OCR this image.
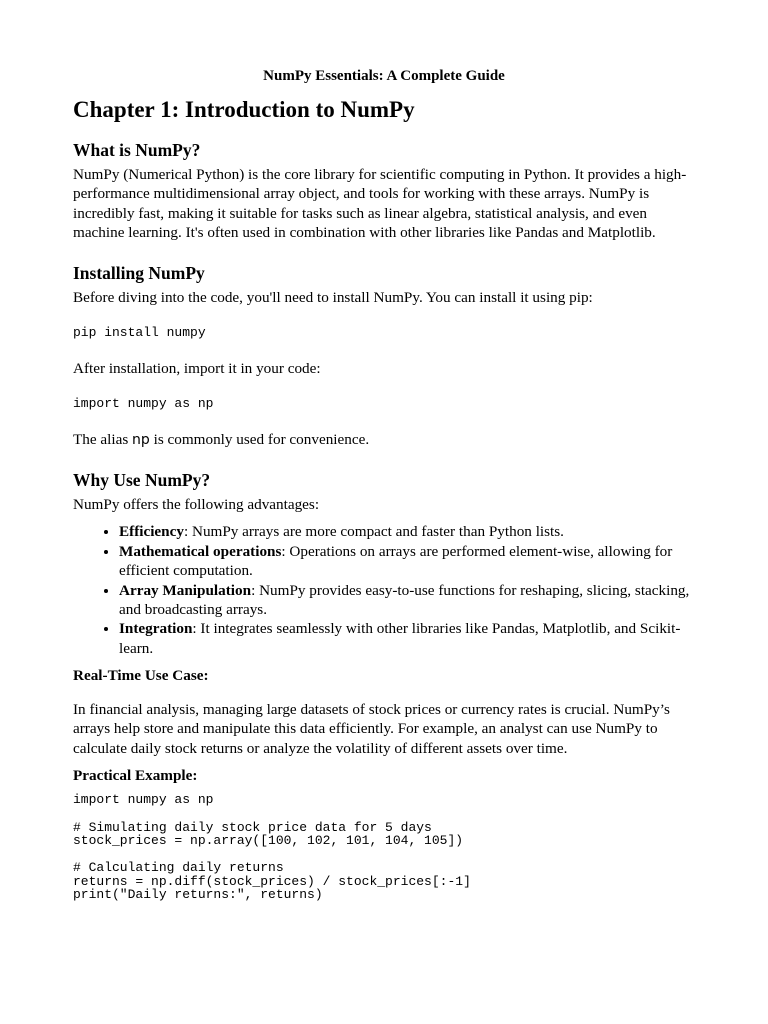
NumPy Essentials: A Complete Guide
Chapter 1: Introduction to NumPy
What is NumPy?

NumPy (Numerical Python) is the core library for scientific computing in Python. It provides a high-performance multidimensional array object, and tools for working with these arrays. NumPy is incredibly fast, making it suitable for tasks such as linear algebra, statistical analysis, and even machine learning. It's often used in combination with other libraries like Pandas and Matplotlib.

Installing NumPy

Before diving into the code, you'll need to install NumPy. You can install it using pip:

pip install numpy

After installation, import it in your code:

import numpy as np

The alias np is commonly used for convenience.

Why Use NumPy?

NumPy offers the following advantages:

• Efficiency: NumPy arrays are more compact and faster than Python lists.
• Mathematical operations: Operations on arrays are performed element-wise, allowing for efficient computation.
• Array Manipulation: NumPy provides easy-to-use functions for reshaping, slicing, stacking, and broadcasting arrays.
• Integration: It integrates seamlessly with other libraries like Pandas, Matplotlib, and Scikit-learn.

Real-Time Use Case:

In financial analysis, managing large datasets of stock prices or currency rates is crucial. NumPy’s arrays help store and manipulate this data efficiently. For example, an analyst can use NumPy to calculate daily stock returns or analyze the volatility of different assets over time.

Practical Example:

import numpy as np

# Simulating daily stock price data for 5 days
stock_prices = np.array([100, 102, 101, 104, 105])

# Calculating daily returns
returns = np.diff(stock_prices) / stock_prices[:-1]
print("Daily returns:", returns)
